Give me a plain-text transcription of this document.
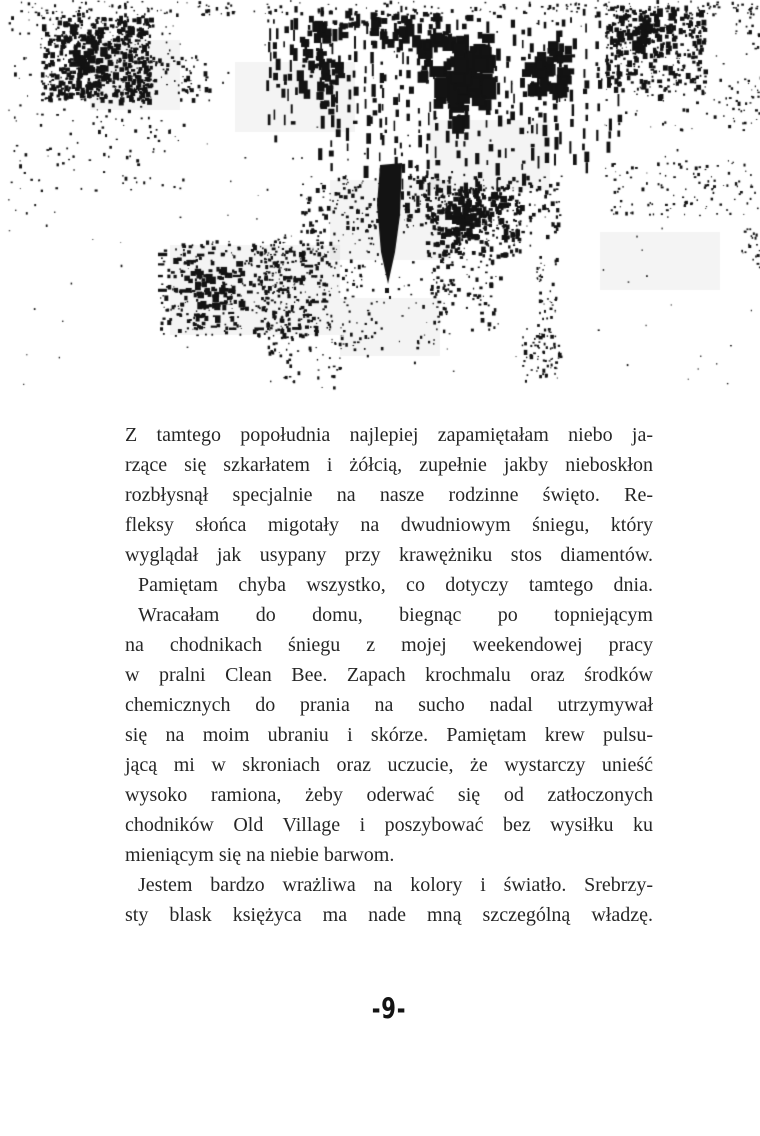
Z tamtego popołudnia najlepiej zapamiętałam niebo ja-
rzące się szkarłatem i żółcią, zupełnie jakby nieboskłon
rozbłysnął specjalnie na nasze rodzinne święto. Re-
fleksy słońca migotały na dwudniowym śniegu, który
wyglądał jak usypany przy krawężniku stos diamentów.
Pamiętam chyba wszystko, co dotyczy tamtego dnia.
Wracałam do domu, biegnąc po topniejącym
na chodnikach śniegu z mojej weekendowej pracy
w pralni Clean Bee. Zapach krochmalu oraz środków
chemicznych do prania na sucho nadal utrzymywał
się na moim ubraniu i skórze. Pamiętam krew pulsu-
jącą mi w skroniach oraz uczucie, że wystarczy unieść
wysoko ramiona, żeby oderwać się od zatłoczonych
chodników Old Village i poszybować bez wysiłku ku
mieniącym się na niebie barwom.
Jestem bardzo wrażliwa na kolory i światło. Srebrzy-
sty blask księżyca ma nade mną szczególną władzę.
-9-
